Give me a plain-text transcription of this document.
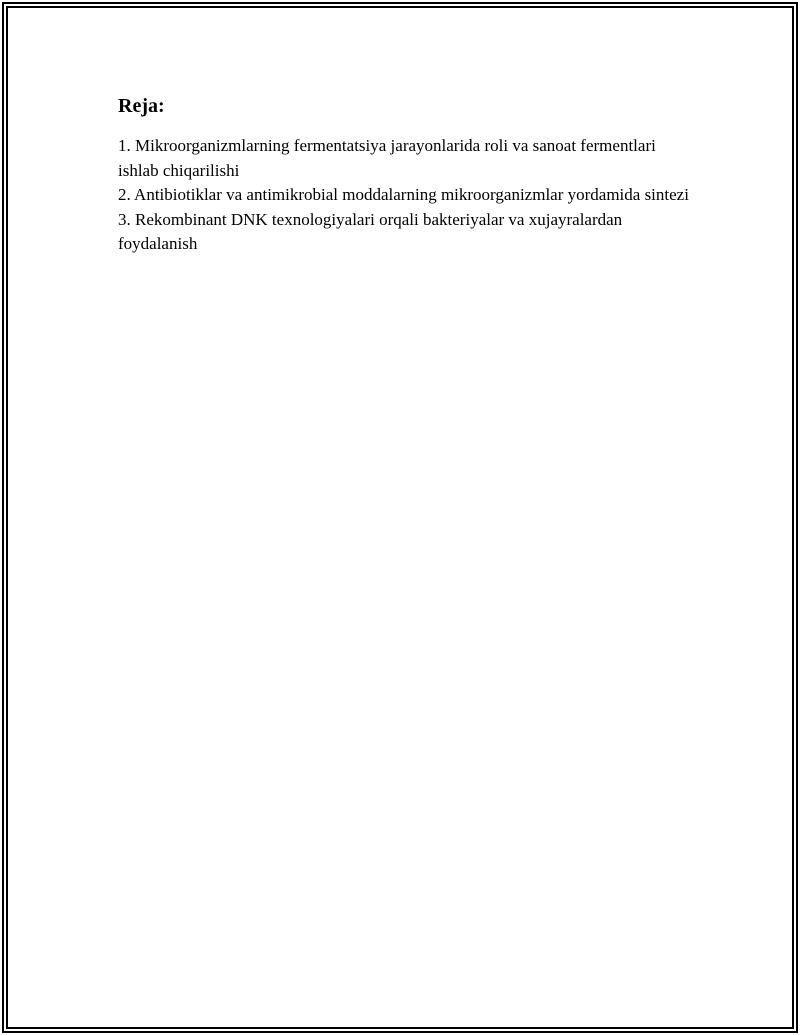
Reja:
1. Mikroorganizmlarning fermentatsiya jarayonlarida roli va sanoat fermentlari ishlab chiqarilishi
2. Antibiotiklar va antimikrobial moddalarning mikroorganizmlar yordamida sintezi
3. Rekombinant DNK texnologiyalari orqali bakteriyalar va xujayralardan foydalanish
